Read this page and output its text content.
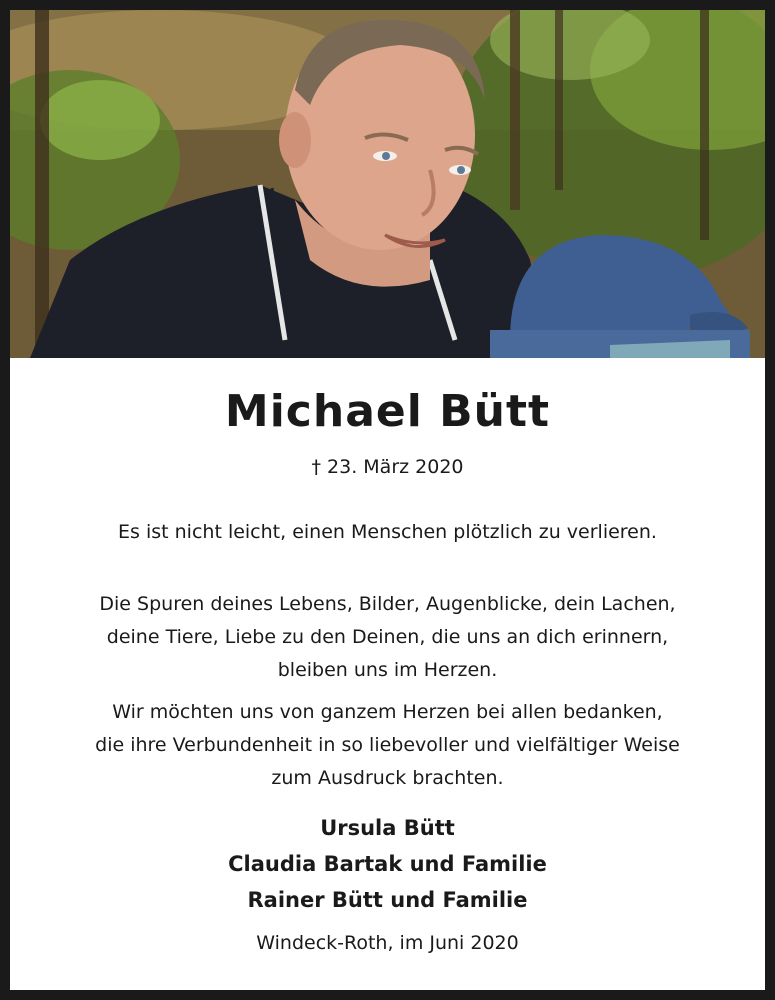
Michael Bütt
† 23. März 2020
Es ist nicht leicht, einen Menschen plötzlich zu verlieren.
Die Spuren deines Lebens, Bilder, Augenblicke, dein Lachen,
deine Tiere, Liebe zu den Deinen, die uns an dich erinnern,
bleiben uns im Herzen.
Wir möchten uns von ganzem Herzen bei allen bedanken,
die ihre Verbundenheit in so liebevoller und vielfältiger Weise
zum Ausdruck brachten.
Ursula Bütt
Claudia Bartak und Familie
Rainer Bütt und Familie
Windeck-Roth, im Juni 2020
